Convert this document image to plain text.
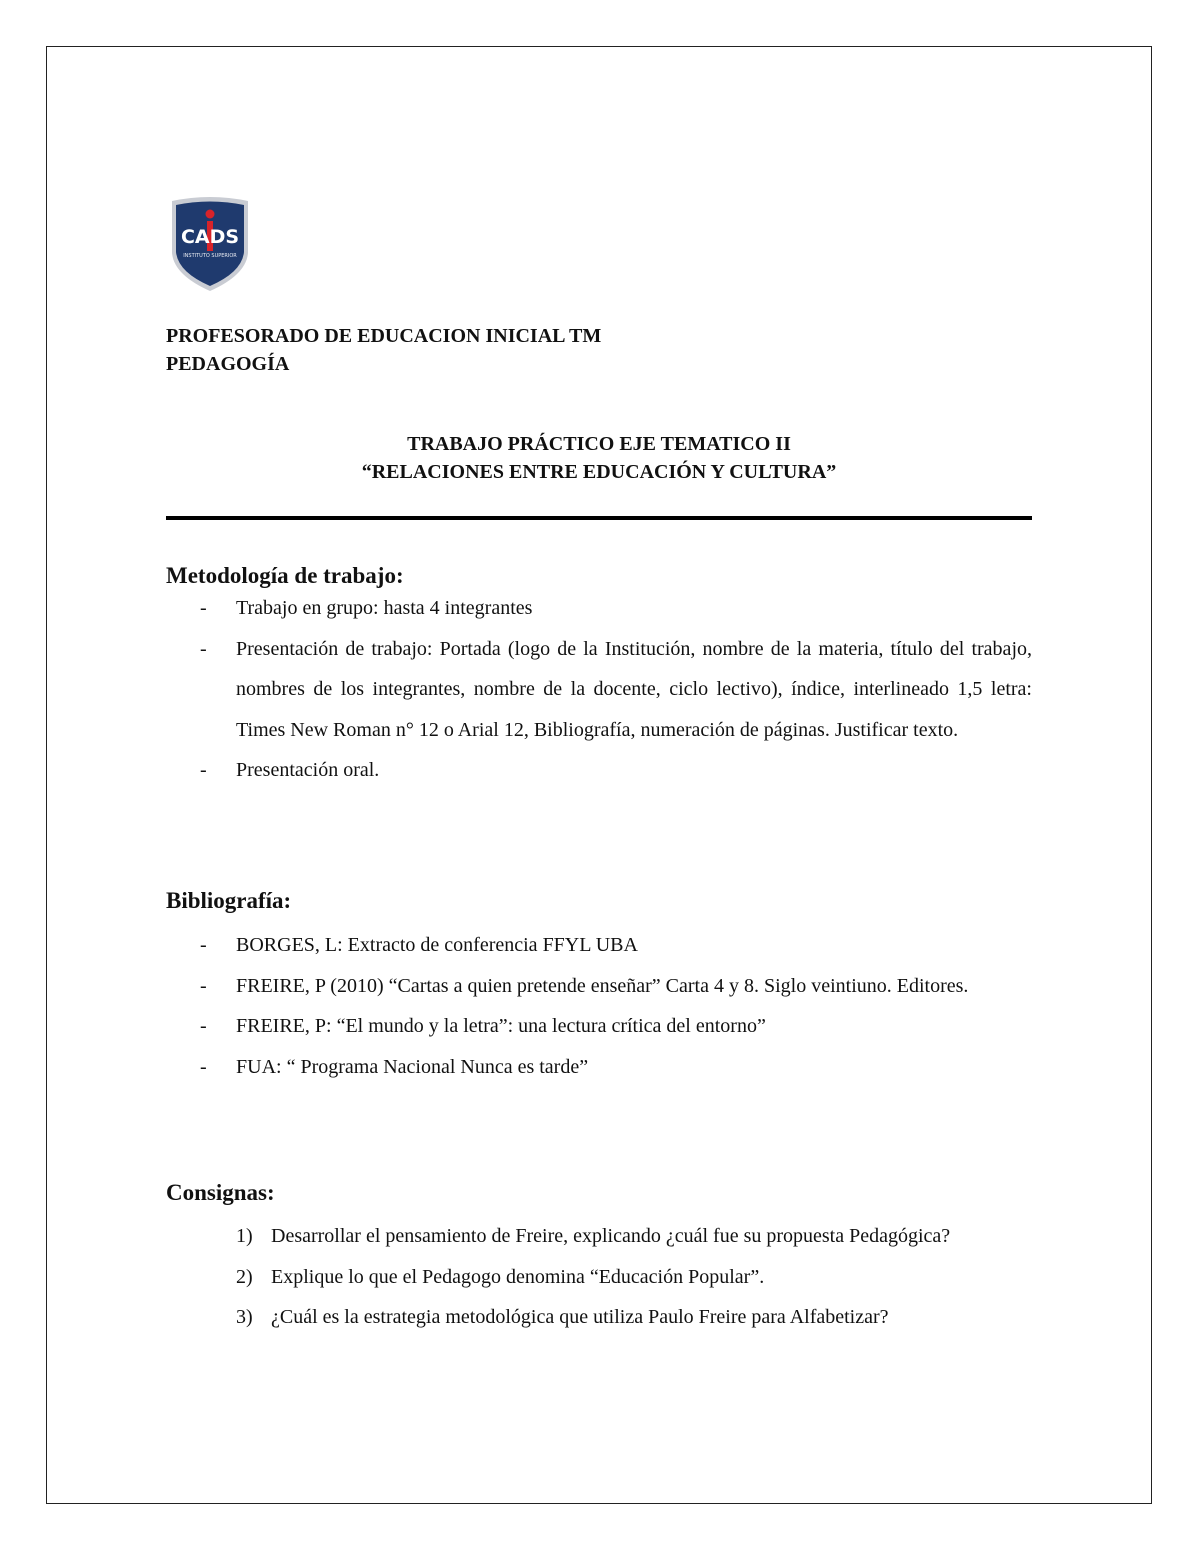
CADS
INSTITUTO SUPERIOR
PROFESORADO DE EDUCACION INICIAL TM
PEDAGOGÍA
TRABAJO PRÁCTICO EJE TEMATICO II
“RELACIONES ENTRE EDUCACIÓN Y CULTURA”
Metodología de trabajo:
- Trabajo en grupo: hasta 4 integrantes
- Presentación de trabajo: Portada (logo de la Institución, nombre de la materia, título del trabajo, nombres de los integrantes, nombre de la docente, ciclo lectivo), índice, interlineado 1,5 letra: Times New Roman n° 12 o Arial 12, Bibliografía, numeración de páginas. Justificar texto.
- Presentación oral.
Bibliografía:
- BORGES, L: Extracto de conferencia FFYL UBA
- FREIRE, P (2010) “Cartas a quien pretende enseñar” Carta 4 y 8. Siglo veintiuno. Editores.
- FREIRE, P: “El mundo y la letra”: una lectura crítica del entorno”
- FUA: “ Programa Nacional Nunca es tarde”
Consignas:
1) Desarrollar el pensamiento de Freire, explicando ¿cuál fue su propuesta Pedagógica?
2) Explique lo que el Pedagogo denomina “Educación Popular”.
3) ¿Cuál es la estrategia metodológica que utiliza Paulo Freire para Alfabetizar?
